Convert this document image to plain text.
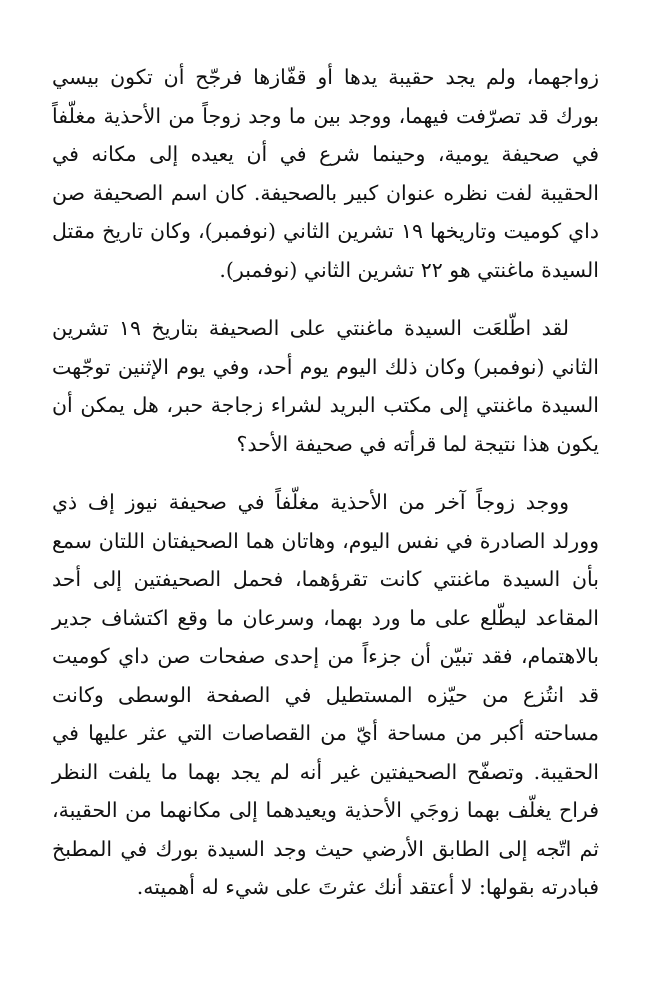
زواجهما، ولم يجد حقيبة يدها أو قفّازها فرجّح أن تكون بيسي بورك قد تصرّفت فيهما، ووجد بين ما وجد زوجاً من الأحذية مغلّفاً في صحيفة يومية، وحينما شرع في أن يعيده إلى مكانه في الحقيبة لفت نظره عنوان كبير بالصحيفة. كان اسم الصحيفة صن داي كوميت وتاريخها ١٩ تشرين الثاني (نوفمبر)، وكان تاريخ مقتل السيدة ماغنتي هو ٢٢ تشرين الثاني (نوفمبر).

لقد اطّلعَت السيدة ماغنتي على الصحيفة بتاريخ ١٩ تشرين الثاني (نوفمبر) وكان ذلك اليوم يوم أحد، وفي يوم الإثنين توجّهت السيدة ماغنتي إلى مكتب البريد لشراء زجاجة حبر، هل يمكن أن يكون هذا نتيجة لما قرأته في صحيفة الأحد؟

ووجد زوجاً آخر من الأحذية مغلّفاً في صحيفة نيوز إف ذي وورلد الصادرة في نفس اليوم، وهاتان هما الصحيفتان اللتان سمع بأن السيدة ماغنتي كانت تقرؤهما، فحمل الصحيفتين إلى أحد المقاعد ليطّلع على ما ورد بهما، وسرعان ما وقع اكتشاف جدير بالاهتمام، فقد تبيّن أن جزءاً من إحدى صفحات صن داي كوميت قد انتُزع من حيّزه المستطيل في الصفحة الوسطى وكانت مساحته أكبر من مساحة أيّ من القصاصات التي عثر عليها في الحقيبة. وتصفّح الصحيفتين غير أنه لم يجد بهما ما يلفت النظر فراح يغلّف بهما زوجَي الأحذية ويعيدهما إلى مكانهما من الحقيبة، ثم اتّجه إلى الطابق الأرضي حيث وجد السيدة بورك في المطبخ فبادرته بقولها: لا أعتقد أنك عثرتَ على شيء له أهميته.
